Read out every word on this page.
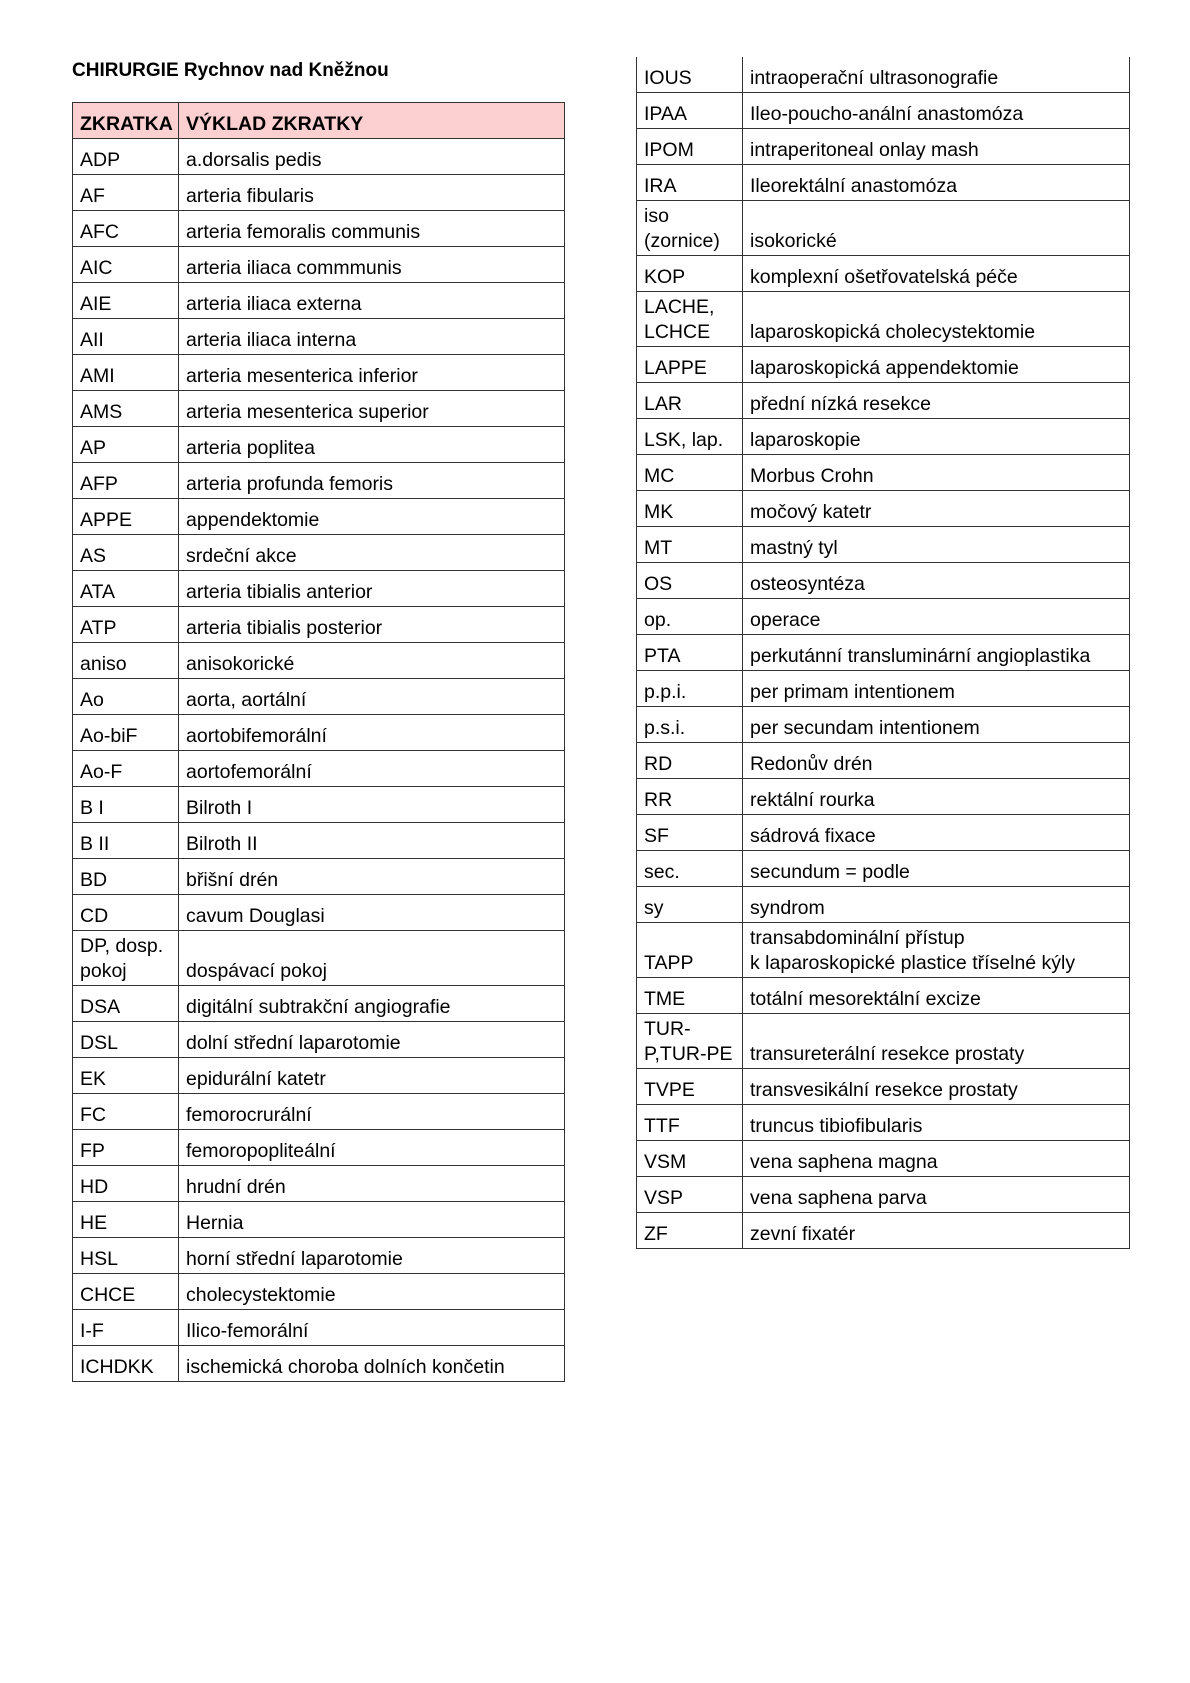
CHIRURGIE Rychnov nad Kněžnou
ZKRATKA	VÝKLAD ZKRATKY
ADP	a.dorsalis pedis
AF	arteria fibularis
AFC	arteria femoralis communis
AIC	arteria iliaca commmunis
AIE	arteria iliaca externa
AII	arteria iliaca interna
AMI	arteria mesenterica inferior
AMS	arteria mesenterica superior
AP	arteria poplitea
AFP	arteria profunda femoris
APPE	appendektomie
AS	srdeční akce
ATA	arteria tibialis anterior
ATP	arteria tibialis posterior
aniso	anisokorické
Ao	aorta, aortální
Ao-biF	aortobifemorální
Ao-F	aortofemorální
B I	Bilroth I
B II	Bilroth II
BD	břišní drén
CD	cavum Douglasi
DP, dosp.
pokoj	dospávací pokoj
DSA	digitální subtrakční angiografie
DSL	dolní střední laparotomie
EK	epidurální katetr
FC	femorocrurální
FP	femoropopliteální
HD	hrudní drén
HE	Hernia
HSL	horní střední laparotomie
CHCE	cholecystektomie
I-F	Ilico-femorální
ICHDKK	ischemická choroba dolních končetin
IOUS	intraoperační ultrasonografie
IPAA	Ileo-poucho-anální anastomóza
IPOM	intraperitoneal onlay mash
IRA	Ileorektální anastomóza
iso
(zornice)	isokorické
KOP	komplexní ošetřovatelská péče
LACHE,
LCHCE	laparoskopická cholecystektomie
LAPPE	laparoskopická appendektomie
LAR	přední nízká resekce
LSK, lap.	laparoskopie
MC	Morbus Crohn
MK	močový katetr
MT	mastný tyl
OS	osteosyntéza
op.	operace
PTA	perkutánní transluminární angioplastika
p.p.i.	per primam intentionem
p.s.i.	per secundam intentionem
RD	Redonův drén
RR	rektální rourka
SF	sádrová fixace
sec.	secundum = podle
sy	syndrom
TAPP	transabdominální přístup
k laparoskopické plastice tříselné kýly
TME	totální mesorektální excize
TUR-
P,TUR-PE	transureterální resekce prostaty
TVPE	transvesikální resekce prostaty
TTF	truncus tibiofibularis
VSM	vena saphena magna
VSP	vena saphena parva
ZF	zevní fixatér
